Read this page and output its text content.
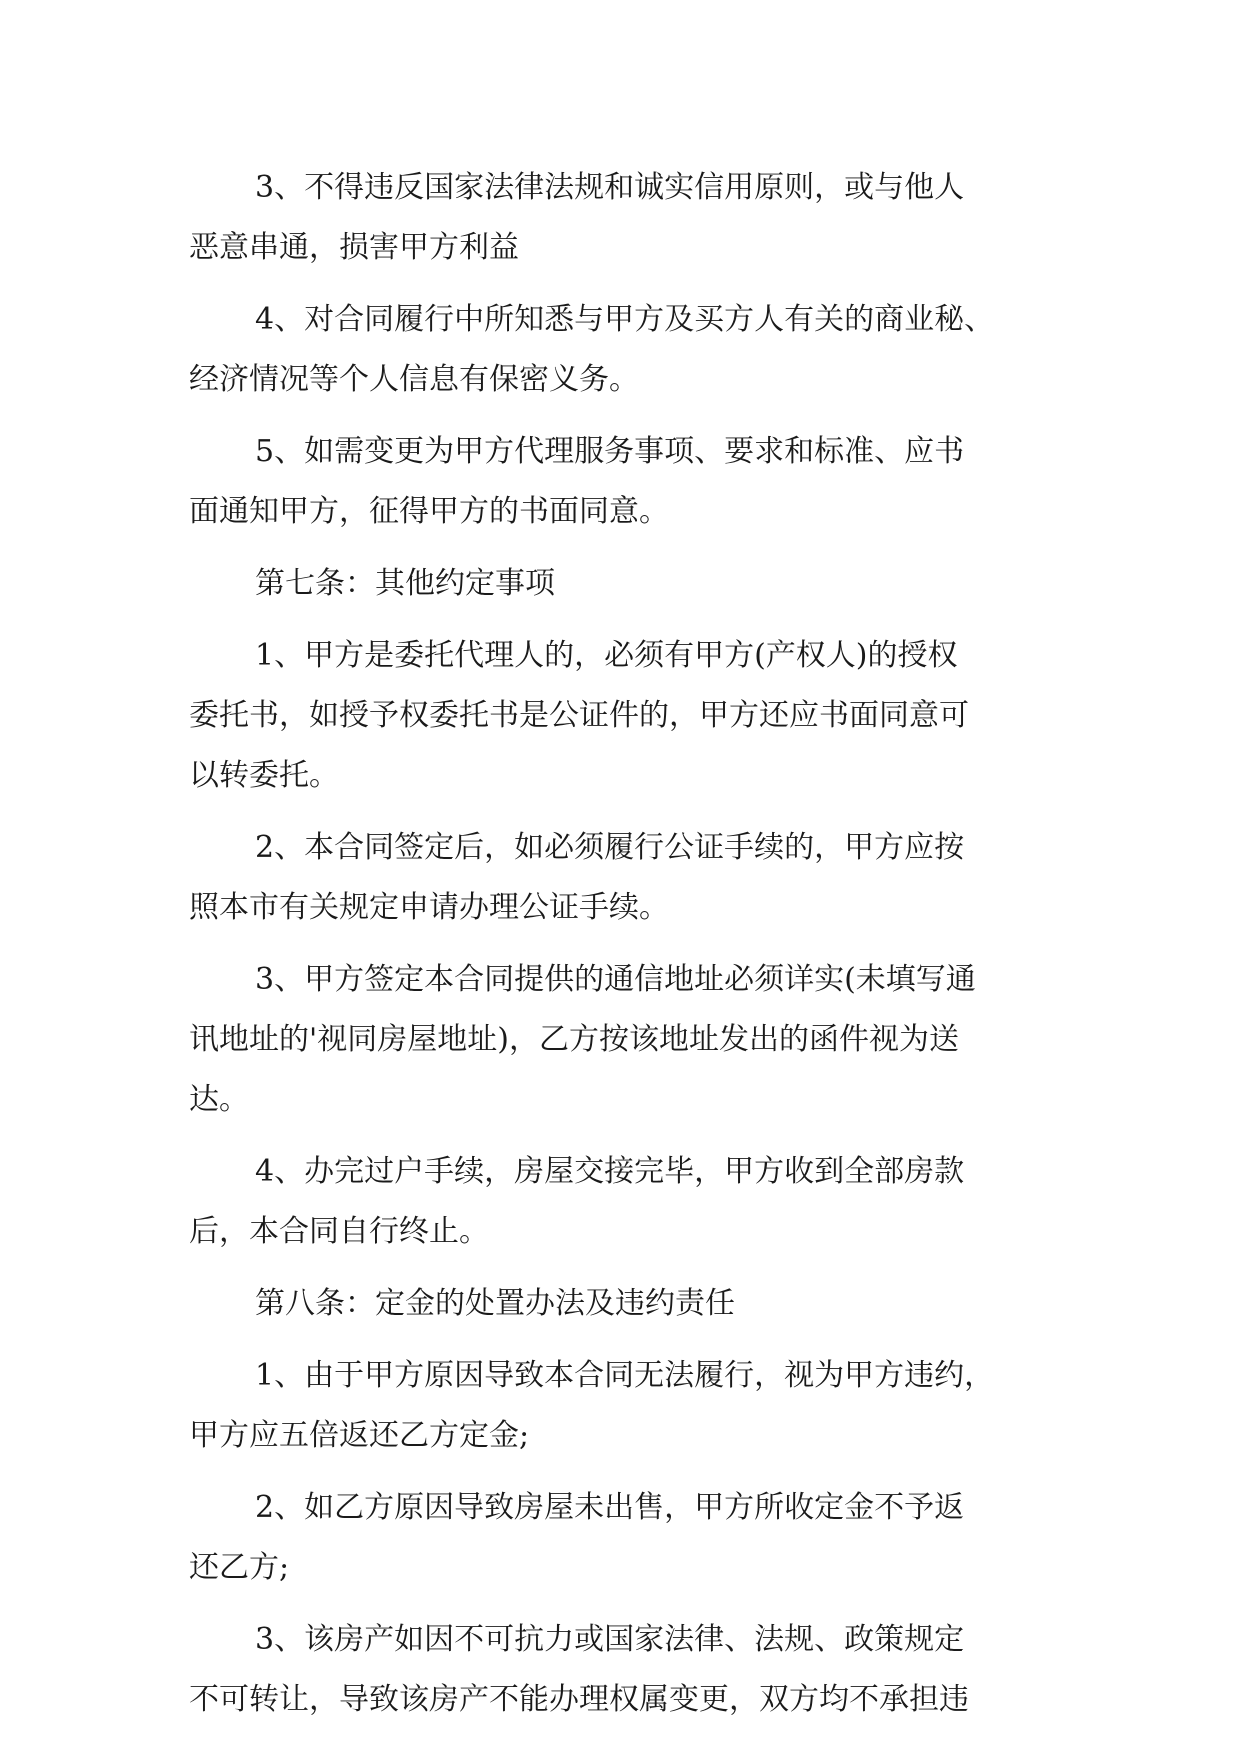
3、不得违反国家法律法规和诚实信用原则，或与他人
恶意串通，损害甲方利益
4、对合同履行中所知悉与甲方及买方人有关的商业秘、
经济情况等个人信息有保密义务。
5、如需变更为甲方代理服务事项、要求和标准、应书
面通知甲方，征得甲方的书面同意。
第七条：其他约定事项
1、甲方是委托代理人的，必须有甲方(产权人)的授权
委托书，如授予权委托书是公证件的，甲方还应书面同意可
以转委托。
2、本合同签定后，如必须履行公证手续的，甲方应按
照本市有关规定申请办理公证手续。
3、甲方签定本合同提供的通信地址必须详实(未填写通
讯地址的'视同房屋地址)，乙方按该地址发出的函件视为送
达。
4、办完过户手续，房屋交接完毕，甲方收到全部房款
后，本合同自行终止。
第八条：定金的处置办法及违约责任
1、由于甲方原因导致本合同无法履行，视为甲方违约，
甲方应五倍返还乙方定金;
2、如乙方原因导致房屋未出售，甲方所收定金不予返
还乙方;
3、该房产如因不可抗力或国家法律、法规、政策规定
不可转让，导致该房产不能办理权属变更，双方均不承担违
